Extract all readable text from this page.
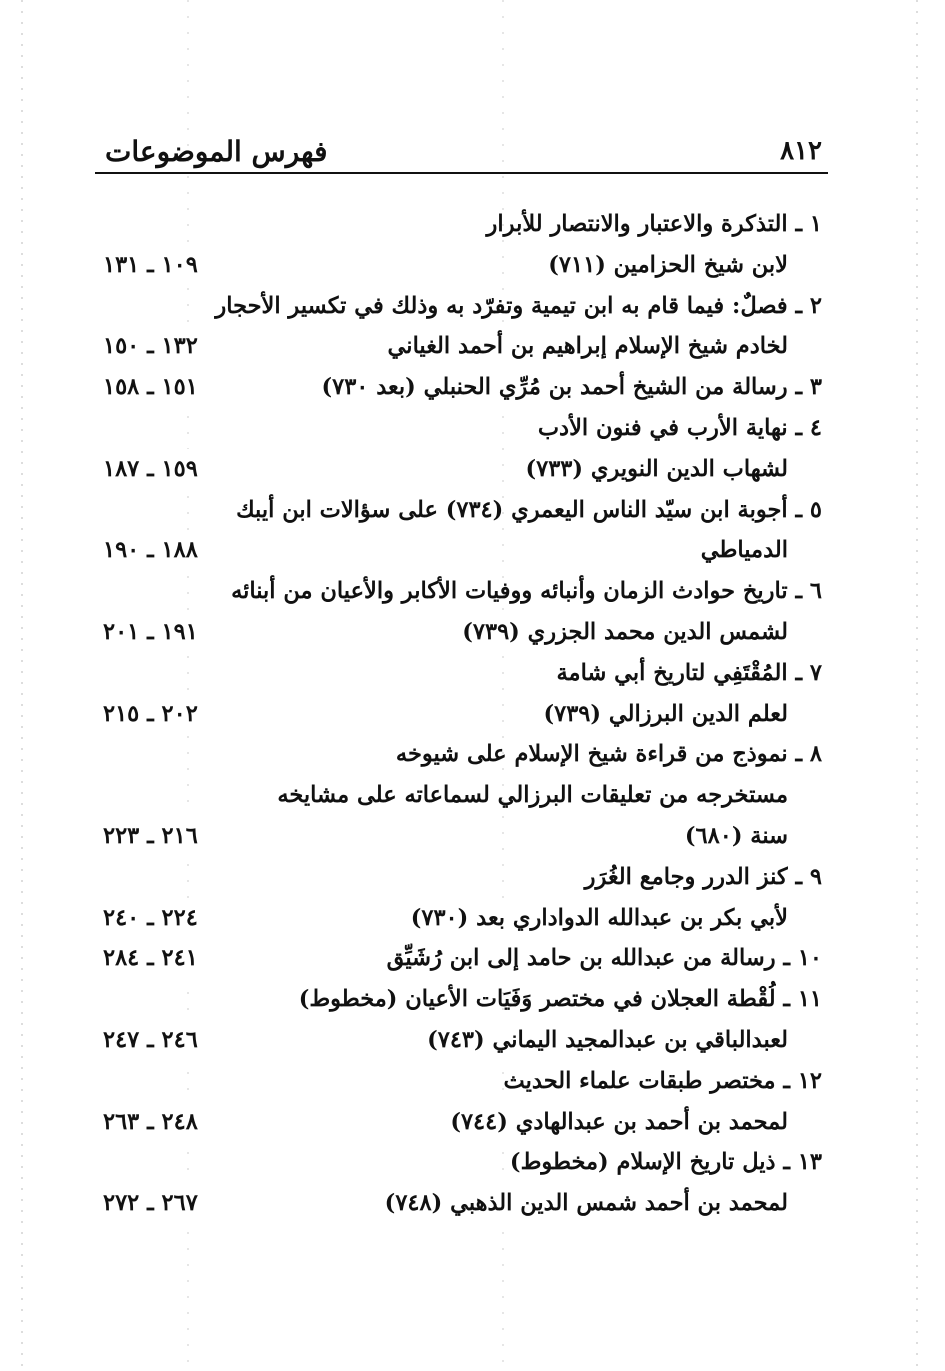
٨١٢
فهرس الموضوعات
١ ـ التذكرة والاعتبار والانتصار للأبرار
لابن شيخ الحزامين (٧١١)
١٠٩ ـ ١٣١
٢ ـ فصلٌ: فيما قام به ابن تيمية وتفرّد به وذلك في تكسير الأحجار
لخادم شيخ الإسلام إبراهيم بن أحمد الغياني
١٣٢ ـ ١٥٠
٣ ـ رسالة من الشيخ أحمد بن مُرِّي الحنبلي (بعد ٧٣٠)
١٥١ ـ ١٥٨
٤ ـ نهاية الأرب في فنون الأدب
لشهاب الدين النويري (٧٣٣)
١٥٩ ـ ١٨٧
٥ ـ أجوبة ابن سيّد الناس اليعمري (٧٣٤) على سؤالات ابن أيبك
الدمياطي
١٨٨ ـ ١٩٠
٦ ـ تاريخ حوادث الزمان وأنبائه ووفيات الأكابر والأعيان من أبنائه
لشمس الدين محمد الجزري (٧٣٩)
١٩١ ـ ٢٠١
٧ ـ المُقْتَفِي لتاريخ أبي شامة
لعلم الدين البرزالي (٧٣٩)
٢٠٢ ـ ٢١٥
٨ ـ نموذج من قراءة شيخ الإسلام على شيوخه
مستخرجه من تعليقات البرزالي لسماعاته على مشايخه
سنة (٦٨٠)
٢١٦ ـ ٢٢٣
٩ ـ كنز الدرر وجامع الغُرَر
لأبي بكر بن عبدالله الدواداري بعد (٧٣٠)
٢٢٤ ـ ٢٤٠
١٠ ـ رسالة من عبدالله بن حامد إلى ابن رُشَيِّق
٢٤١ ـ ٢٨٤
١١ ـ لُقْطة العجلان في مختصر وَفَيَات الأعيان (مخطوط)
لعبدالباقي بن عبدالمجيد اليماني (٧٤٣)
٢٤٦ ـ ٢٤٧
١٢ ـ مختصر طبقات علماء الحديث
لمحمد بن أحمد بن عبدالهادي (٧٤٤)
٢٤٨ ـ ٢٦٣
١٣ ـ ذيل تاريخ الإسلام (مخطوط)
لمحمد بن أحمد شمس الدين الذهبي (٧٤٨)
٢٦٧ ـ ٢٧٢
